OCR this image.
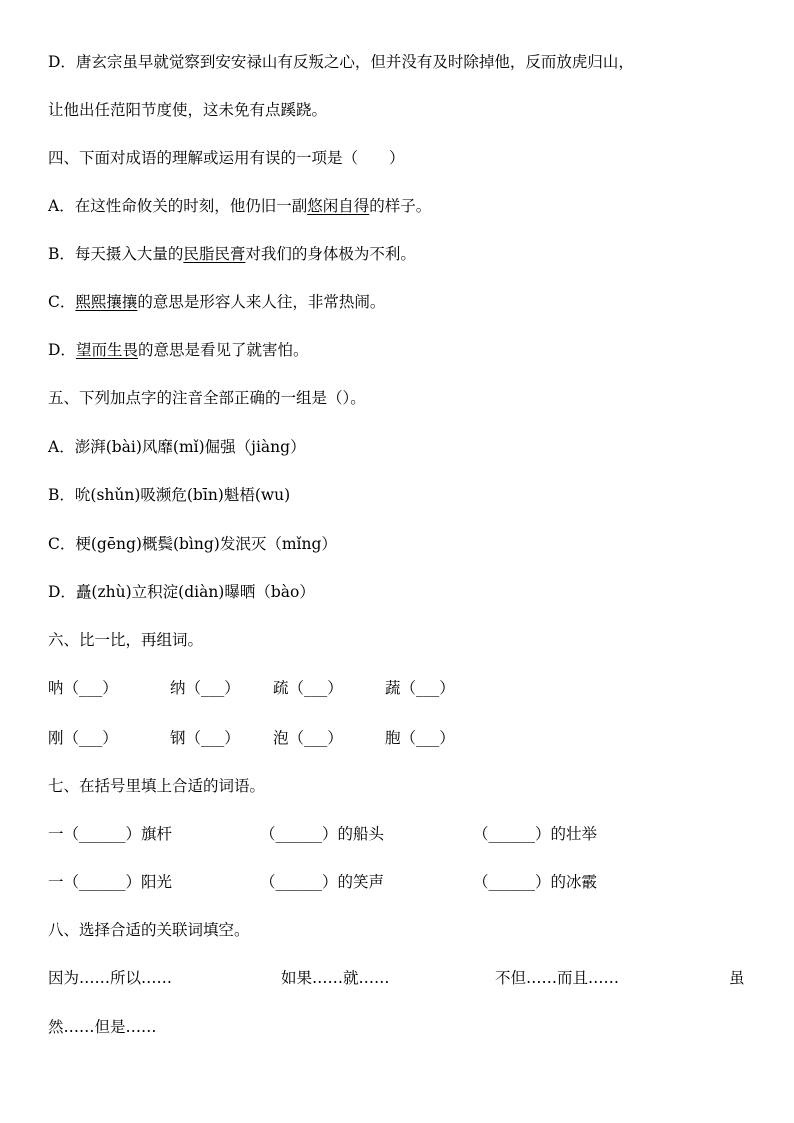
D．唐玄宗虽早就觉察到安安禄山有反叛之心，但并没有及时除掉他，反而放虎归山，
让他出任范阳节度使，这未免有点蹊跷。
四、下面对成语的理解或运用有误的一项是（　　）
A．在这性命攸关的时刻，他仍旧一副悠闲自得的样子。
B．每天摄入大量的民脂民膏对我们的身体极为不利。
C．熙熙攘攘的意思是形容人来人往，非常热闹。
D．望而生畏的意思是看见了就害怕。
五、下列加点字的注音全部正确的一组是（）。
A．澎湃(bài)风靡(mǐ)倔强（jiàng）
B．吮(shǔn)吸濒危(bīn)魁梧(wu)
C．梗(gēng)概鬓(bìng)发泯灭（mǐng）
D．矗(zhù)立积淀(diàn)曝晒（bào）
六、比一比，再组词。
呐（___）	纳（___） 疏（___）	蔬（___）
刚（___）	钢（___） 泡（___）	胞（___）
七、在括号里填上合适的词语。
一（______）旗杆	（______）的船头	（______）的壮举
一（______）阳光	（______）的笑声	（______）的冰霰
八、选择合适的关联词填空。
因为……所以……	如果……就……	不但……而且……	虽
然……但是……
